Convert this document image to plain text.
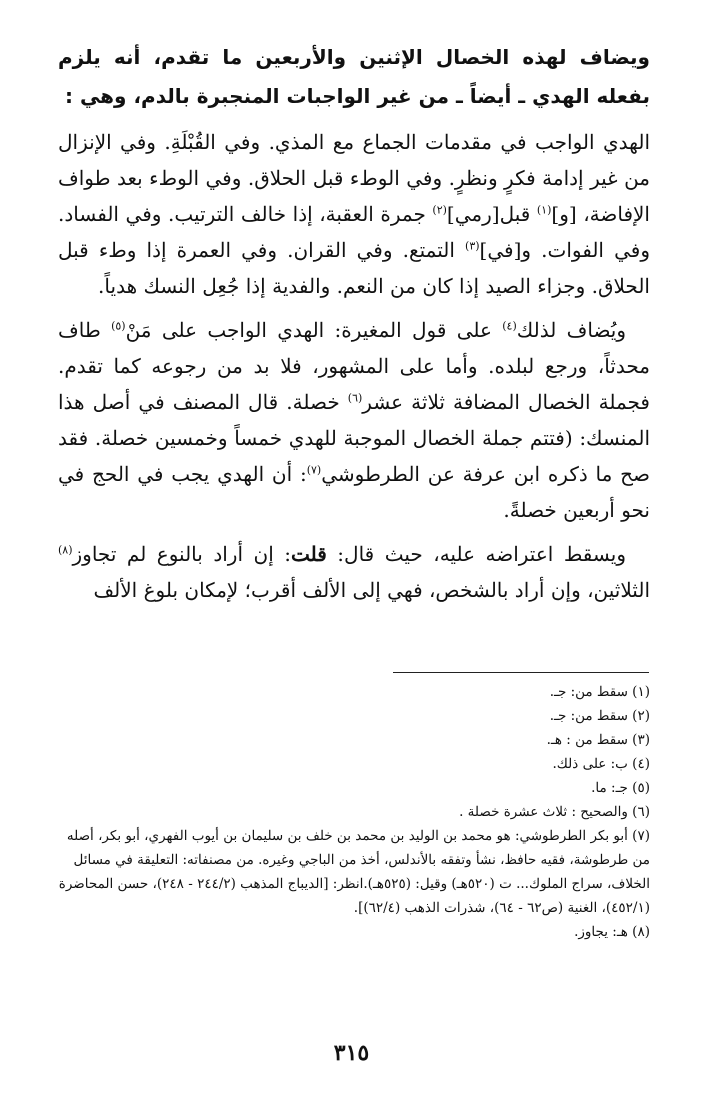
ويضاف لهذه الخصال الإثنين والأربعين ما تقدم، أنه يلزم بفعله الهدي ـ أيضاً ـ من غير الواجبات المنجبرة بالدم، وهي :

الهدي الواجب في مقدمات الجماع مع المذي. وفي القُبْلَةِ. وفي الإنزال من غير إدامة فكرٍ ونظرٍ. وفي الوطء قبل الحلاق. وفي الوطء بعد طواف الإفاضة، [و]$^{(١)}$ قبل[رمي]$^{(٢)}$ جمرة العقبة، إذا خالف الترتيب. وفي الفساد. وفي الفوات. و[في]$^{(٣)}$ التمتع. وفي القران. وفي العمرة إذا وطء قبل الحلاق. وجزاء الصيد إذا كان من النعم. والفدية إذا جُعِل النسك هدياً.

ويُضاف لذلك$^{(٤)}$ على قول المغيرة: الهدي الواجب على مَنْ$^{(٥)}$ طاف محدثاً، ورجع لبلده. وأما على المشهور، فلا بد من رجوعه كما تقدم. فجملة الخصال المضافة ثلاثة عشر$^{(٦)}$ خصلة. قال المصنف في أصل هذا المنسك: (فتتم جملة الخصال الموجبة للهدي خمساً وخمسين خصلة. فقد صح ما ذكره ابن عرفة عن الطرطوشي$^{(٧)}$: أن الهدي يجب في الحج في نحو أربعين خصلةً.

ويسقط اعتراضه عليه، حيث قال: قلت: إن أراد بالنوع لم تجاوز$^{(٨)}$ الثلاثين، وإن أراد بالشخص، فهي إلى الألف أقرب؛ لإمكان بلوغ الألف

(١) سقط من: جـ.
(٢) سقط من: جـ.
(٣) سقط من : هـ.
(٤) ب: على ذلك.
(٥) جـ: ما.
(٦) والصحيح : ثلاث عشرة خصلة .
(٧) أبو بكر الطرطوشي: هو محمد بن الوليد بن محمد بن خلف بن سليمان بن أيوب الفهري، أبو بكر، أصله من طرطوشة، فقيه حافظ، نشأ وتفقه بالأندلس، أخذ من الباجي وغيره. من مصنفاته: التعليقة في مسائل الخلاف، سراج الملوك... ت (٥٢٠هـ) وقيل: (٥٢٥هـ).انظر: [الديباج المذهب (٢٤٤/٢ - ٢٤٨)، حسن المحاضرة (٤٥٢/١)، الغنية (ص٦٢ - ٦٤)، شذرات الذهب (٦٢/٤)].
(٨) هـ: يجاوز.
٣١٥
